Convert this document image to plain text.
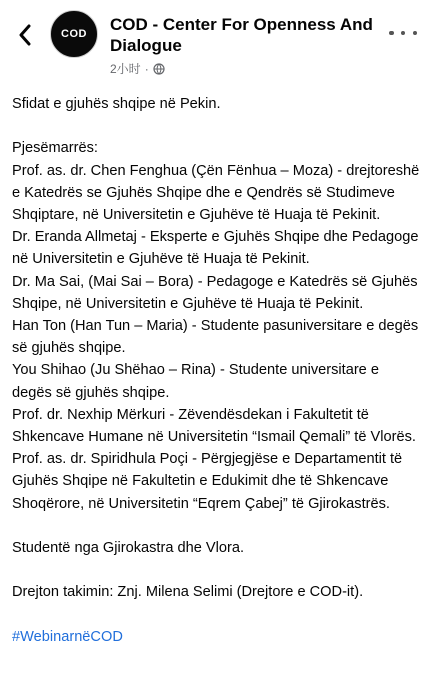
COD COD - Center For Openness And Dialogue
2小时 ·

Sfidat e gjuhës shqipe në Pekin.

Pjesëmarrës:

Prof. as. dr. Chen Fenghua (Çën Fënhua – Moza) - drejtoreshë e Katedrës se Gjuhës Shqipe dhe e Qendrës së Studimeve Shqiptare, në Universitetin e Gjuhëve të Huaja të Pekinit.

Dr. Eranda Allmetaj - Eksperte e Gjuhës Shqipe dhe Pedagoge në Universitetin e Gjuhëve të Huaja të Pekinit.

Dr. Ma Sai, (Mai Sai – Bora) - Pedagoge e Katedrës së Gjuhës Shqipe, në Universitetin e Gjuhëve të Huaja të Pekinit.

Han Ton (Han Tun – Maria) - Studente pasuniversitare e degës së gjuhës shqipe.

You Shihao (Ju Shëhao – Rina) - Studente universitare e degës së gjuhës shqipe.

Prof. dr. Nexhip Mërkuri - Zëvendësdekan i Fakultetit të Shkencave Humane në Universitetin “Ismail Qemali” të Vlorës.

Prof. as. dr. Spiridhula Poçi - Përgjegjëse e Departamentit të Gjuhës Shqipe në Fakultetin e Edukimit dhe të Shkencave Shoqërore, në Universitetin “Eqrem Çabej” të Gjirokastrës.

Studentë nga Gjirokastra dhe Vlora.

Drejton takimin: Znj. Milena Selimi (Drejtore e COD-it).

#WebinarnëCOD
